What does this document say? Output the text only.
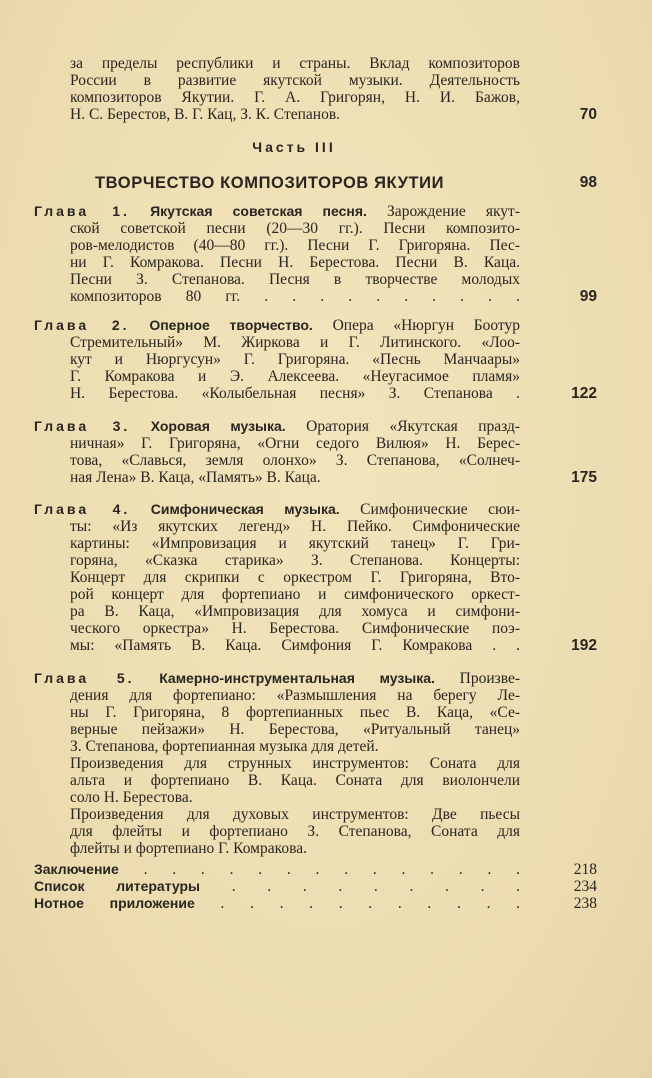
за пределы республики и страны. Вклад композиторов
России в развитие якутской музыки. Деятельность
композиторов Якутии. Г. А. Григорян, Н. И. Бажов,
Н. С. Берестов, В. Г. Кац, З. К. Степанов.
Часть III
ТВОРЧЕСТВО КОМПОЗИТОРОВ ЯКУТИИ	98
Глава 1. Якутская советская песня. Зарождение якут-
ской советской песни (20—30 гг.). Песни композито-
ров-мелодистов (40—80 гг.). Песни Г. Григоряна. Пес-
ни Г. Комракова. Песни Н. Берестова. Песни В. Каца.
Песни З. Степанова. Песня в творчестве молодых
композиторов 80 гг. . . . . . . . . . .
Глава 2. Оперное творчество. Опера «Нюргун Боотур
Стремительный» М. Жиркова и Г. Литинского. «Лоо-
кут и Нюргусун» Г. Григоряна. «Песнь Манчаары»
Г. Комракова и Э. Алексеева. «Неугасимое пламя»
Н. Берестова. «Колыбельная песня» З. Степанова .
Глава 3. Хоровая музыка. Оратория «Якутская празд-
ничная» Г. Григоряна, «Огни седого Вилюя» Н. Берес-
това, «Славься, земля олонхо» З. Степанова, «Солнеч-
ная Лена» В. Каца, «Память» В. Каца.
Глава 4. Симфоническая музыка. Симфонические сюи-
ты: «Из якутских легенд» Н. Пейко. Симфонические
картины: «Импровизация и якутский танец» Г. Гри-
горяна, «Сказка старика» З. Степанова. Концерты:
Концерт для скрипки с оркестром Г. Григоряна, Вто-
рой концерт для фортепиано и симфонического оркест-
ра В. Каца, «Импровизация для хомуса и симфони-
ческого оркестра» Н. Берестова. Симфонические поэ-
мы: «Память В. Каца. Симфония Г. Комракова . .
Глава 5. Камерно-инструментальная музыка. Произве-
дения для фортепиано: «Размышления на берегу Ле-
ны Г. Григоряна, 8 фортепианных пьес В. Каца, «Се-
верные пейзажи» Н. Берестова, «Ритуальный танец»
З. Степанова, фортепианная музыка для детей.
Произведения для струнных инструментов: Соната для
альта и фортепиано В. Каца. Соната для виолончели
соло Н. Берестова.
Произведения для духовых инструментов: Две пьесы
для флейты и фортепиано З. Степанова, Соната для
флейты и фортепиано Г. Комракова.
Заключение . . . . . . . . . . . . . .
Список литературы . . . . . . . . .
Нотное приложение . . . . . . . . . . .
70
99
122
175
192
218
234
238
